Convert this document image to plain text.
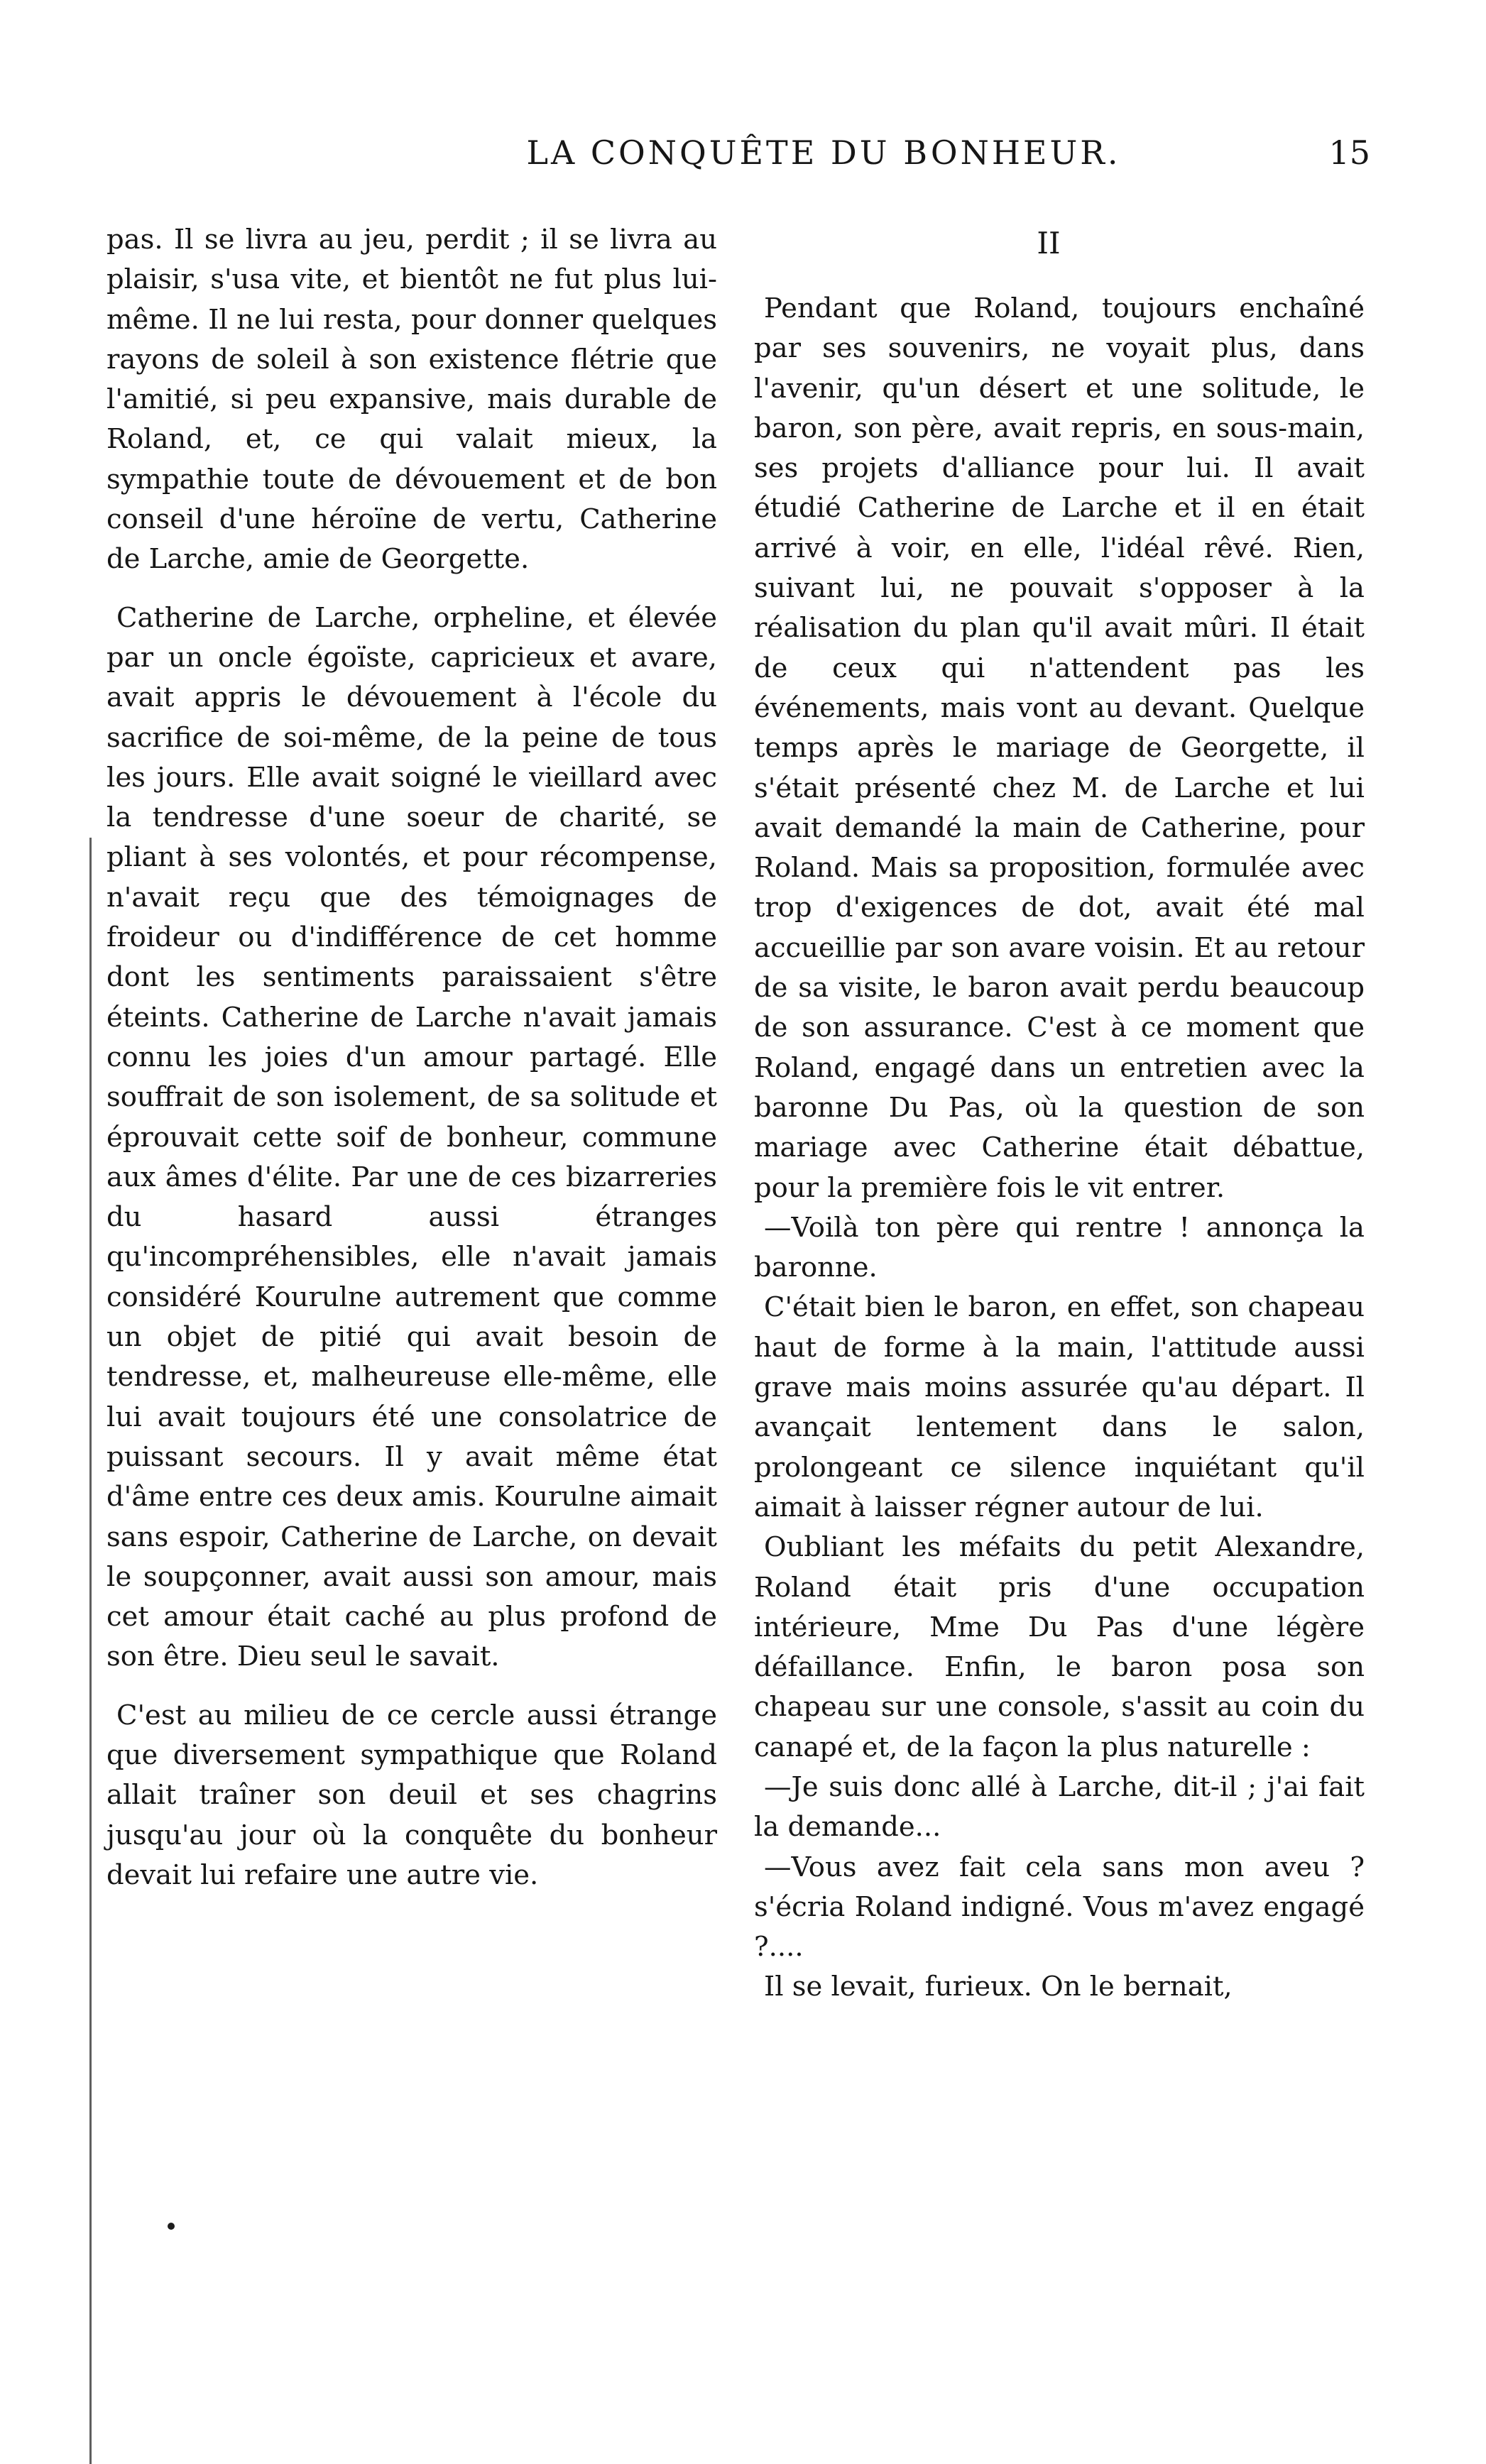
LA CONQUÊTE DU BONHEUR.	15

pas. Il se livra au jeu, perdit ; il se livra au plaisir, s'usa vite, et bientôt ne fut plus lui-même. Il ne lui resta, pour donner quelques rayons de soleil à son existence flétrie que l'amitié, si peu expansive, mais durable de Roland, et, ce qui valait mieux, la sympathie toute de dévouement et de bon conseil d'une héroïne de vertu, Catherine de Larche, amie de Georgette.

Catherine de Larche, orpheline, et élevée par un oncle égoïste, capricieux et avare, avait appris le dévouement à l'école du sacrifice de soi-même, de la peine de tous les jours. Elle avait soigné le vieillard avec la tendresse d'une soeur de charité, se pliant à ses volontés, et pour récompense, n'avait reçu que des témoignages de froideur ou d'indifférence de cet homme dont les sentiments paraissaient s'être éteints. Catherine de Larche n'avait jamais connu les joies d'un amour partagé. Elle souffrait de son isolement, de sa solitude et éprouvait cette soif de bonheur, commune aux âmes d'élite. Par une de ces bizarreries du hasard aussi étranges qu'incompréhensibles, elle n'avait jamais considéré Kourulne autrement que comme un objet de pitié qui avait besoin de tendresse, et, malheureuse elle-même, elle lui avait toujours été une consolatrice de puissant secours. Il y avait même état d'âme entre ces deux amis. Kourulne aimait sans espoir, Catherine de Larche, on devait le soupçonner, avait aussi son amour, mais cet amour était caché au plus profond de son être. Dieu seul le savait.

C'est au milieu de ce cercle aussi étrange que diversement sympathique que Roland allait traîner son deuil et ses chagrins jusqu'au jour où la conquête du bonheur devait lui refaire une autre vie.

II

Pendant que Roland, toujours enchaîné par ses souvenirs, ne voyait plus, dans l'avenir, qu'un désert et une solitude, le baron, son père, avait repris, en sous-main, ses projets d'alliance pour lui. Il avait étudié Catherine de Larche et il en était arrivé à voir, en elle, l'idéal rêvé. Rien, suivant lui, ne pouvait s'opposer à la réalisation du plan qu'il avait mûri. Il était de ceux qui n'attendent pas les événements, mais vont au devant. Quelque temps après le mariage de Georgette, il s'était présenté chez M. de Larche et lui avait demandé la main de Catherine, pour Roland. Mais sa proposition, formulée avec trop d'exigences de dot, avait été mal accueillie par son avare voisin. Et au retour de sa visite, le baron avait perdu beaucoup de son assurance. C'est à ce moment que Roland, engagé dans un entretien avec la baronne Du Pas, où la question de son mariage avec Catherine était débattue, pour la première fois le vit entrer.

—Voilà ton père qui rentre ! annonça la baronne.

C'était bien le baron, en effet, son chapeau haut de forme à la main, l'attitude aussi grave mais moins assurée qu'au départ. Il avançait lentement dans le salon, prolongeant ce silence inquiétant qu'il aimait à laisser régner autour de lui.

Oubliant les méfaits du petit Alexandre, Roland était pris d'une occupation intérieure, Mme Du Pas d'une légère défaillance. Enfin, le baron posa son chapeau sur une console, s'assit au coin du canapé et, de la façon la plus naturelle :

—Je suis donc allé à Larche, dit-il ; j'ai fait la demande...

—Vous avez fait cela sans mon aveu ? s'écria Roland indigné. Vous m'avez engagé ?....

Il se levait, furieux. On le bernait,
